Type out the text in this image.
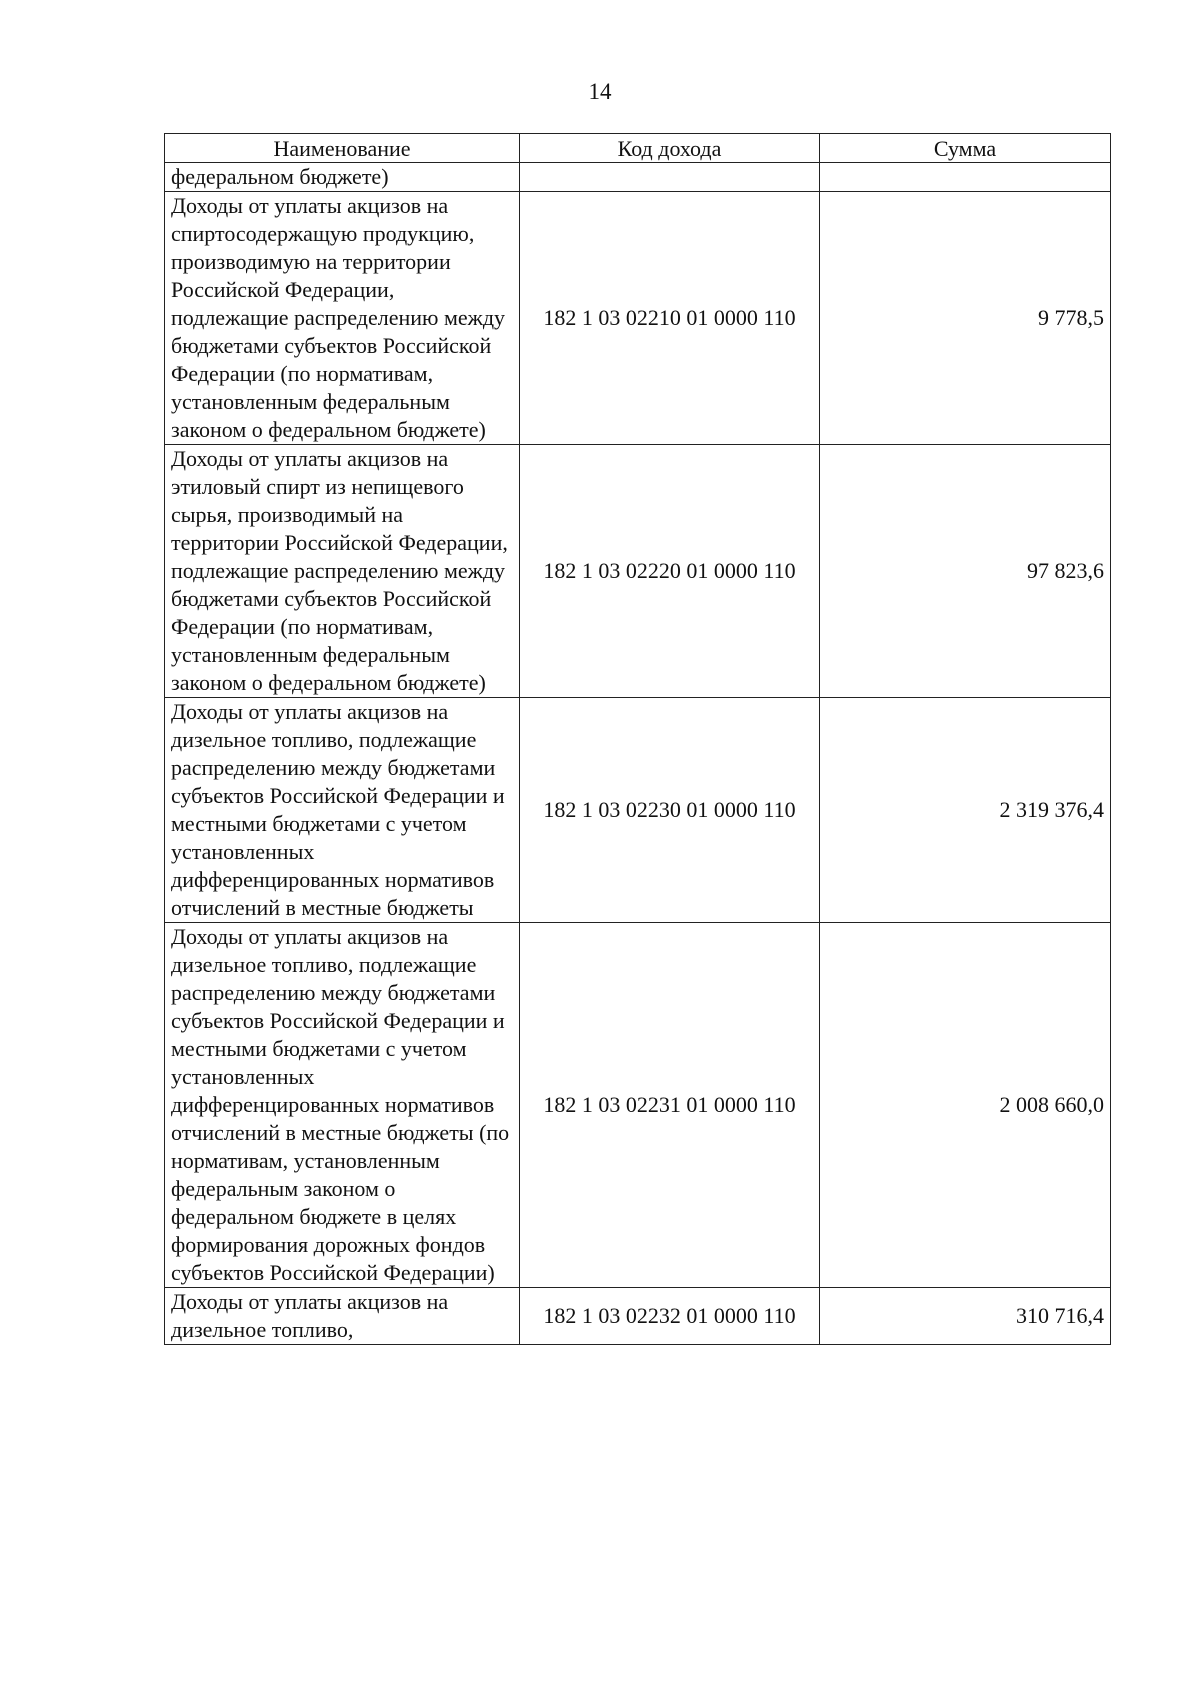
14
Наименование	Код дохода	Сумма
федеральном бюджете)		
Доходы от уплаты акцизов на спиртосодержащую продукцию, производимую на территории Российской Федерации, подлежащие распределению между бюджетами субъектов Российской Федерации (по нормативам, установленным федеральным законом о федеральном бюджете)	182 1 03 02210 01 0000 110	9 778,5
Доходы от уплаты акцизов на этиловый спирт из непищевого сырья, производимый на территории Российской Федерации, подлежащие распределению между бюджетами субъектов Российской Федерации (по нормативам, установленным федеральным законом о федеральном бюджете)	182 1 03 02220 01 0000 110	97 823,6
Доходы от уплаты акцизов на дизельное топливо, подлежащие распределению между бюджетами субъектов Российской Федерации и местными бюджетами с учетом установленных дифференцированных нормативов отчислений в местные бюджеты	182 1 03 02230 01 0000 110	2 319 376,4
Доходы от уплаты акцизов на дизельное топливо, подлежащие распределению между бюджетами субъектов Российской Федерации и местными бюджетами с учетом установленных дифференцированных нормативов отчислений в местные бюджеты (по нормативам, установленным федеральным законом о федеральном бюджете в целях формирования дорожных фондов субъектов Российской Федерации)	182 1 03 02231 01 0000 110	2 008 660,0
Доходы от уплаты акцизов на дизельное топливо,	182 1 03 02232 01 0000 110	310 716,4
